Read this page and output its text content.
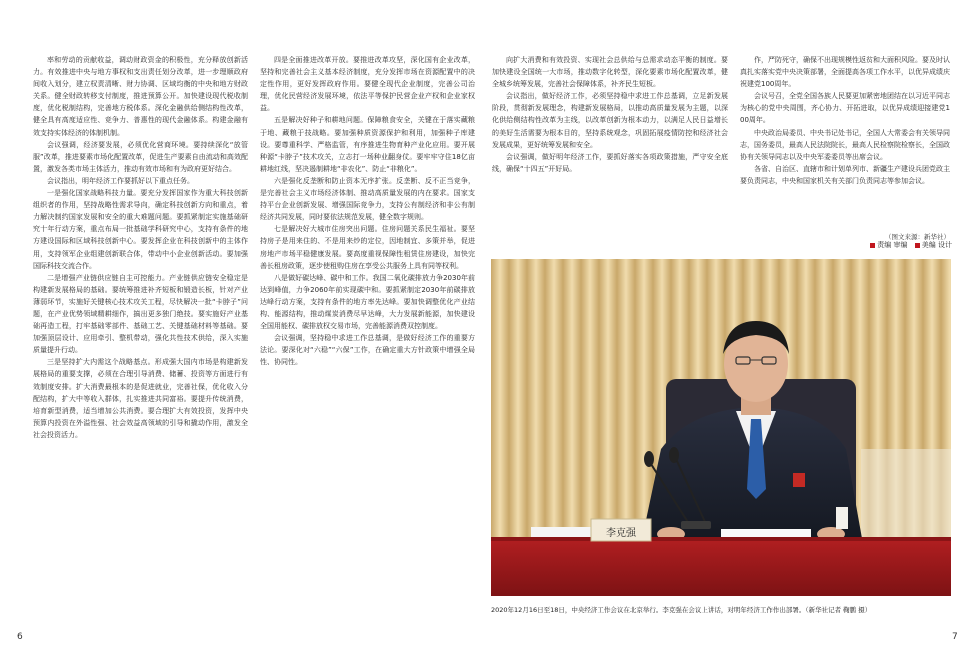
率和劳动的贡献收益，调动财政资金的积极性，充分释放创新活力。有效推进中央与地方事权和支出责任划分改革，进一步理顺政府间收入划分，建立权责清晰、财力协调、区域均衡的中央和地方财政关系。健全财政转移支付制度，推进预算公开。加快建设现代税收制度，优化税制结构，完善地方税体系。深化金融供给侧结构性改革，健全具有高度适应性、竞争力、普惠性的现代金融体系。构建金融有效支持实体经济的体制机制。

会议强调，经济要发展，必须优化营商环境。要持续深化“放管服”改革，推进要素市场化配置改革，促进生产要素自由流动和高效配置，激发各类市场主体活力，推动有效市场和有为政府更好结合。

会议指出，明年经济工作要抓好以下重点任务。

一是强化国家战略科技力量。要充分发挥国家作为重大科技创新组织者的作用，坚持战略性需求导向，确定科技创新方向和重点，着力解决制约国家发展和安全的重大难题问题。要抓紧制定实施基础研究十年行动方案，重点布局一批基础学科研究中心，支持有条件的地方建设国际和区域科技创新中心。要发挥企业在科技创新中的主体作用，支持领军企业组建创新联合体，带动中小企业创新活动。要加强国际科技交流合作。

二是增强产业链供应链自主可控能力。产业链供应链安全稳定是构建新发展格局的基础。要统筹推进补齐短板和锻造长板，针对产业薄弱环节，实施好关键核心技术攻关工程，尽快解决一批“卡脖子”问题，在产业优势领域精耕细作，搞出更多独门绝技。要实施好产业基础再造工程，打牢基础零部件、基础工艺、关键基础材料等基础。要加强顶层设计、应用牵引、整机带动，强化共性技术供给，深入实施质量提升行动。

三是坚持扩大内需这个战略基点。形成强大国内市场是构建新发展格局的重要支撑，必须在合理引导消费、储蓄、投资等方面进行有效制度安排。扩大消费最根本的是促进就业，完善社保，优化收入分配结构，扩大中等收入群体，扎实推进共同富裕。要提升传统消费，培育新型消费，适当增加公共消费。要合理扩大有效投资，发挥中央预算内投资在外溢性强、社会效益高领域的引导和撬动作用，激发全社会投资活力。

四是全面推进改革开放。要推进改革攻坚，深化国有企业改革，坚持和完善社会主义基本经济制度，充分发挥市场在资源配置中的决定性作用，更好发挥政府作用。要健全现代企业制度，完善公司治理，优化民营经济发展环境，依法平等保护民营企业产权和企业家权益。

五是解决好种子和耕地问题。保障粮食安全，关键在于落实藏粮于地、藏粮于技战略。要加强种质资源保护和利用，加强种子库建设。要尊重科学、严格监管，有序推进生物育种产业化应用。要开展种源“卡脖子”技术攻关，立志打一场种业翻身仗。要牢牢守住18亿亩耕地红线，坚决遏制耕地“非农化”、防止“非粮化”。

六是强化反垄断和防止资本无序扩张。反垄断、反不正当竞争，是完善社会主义市场经济体制、推动高质量发展的内在要求。国家支持平台企业创新发展、增强国际竞争力，支持公有制经济和非公有制经济共同发展，同时要依法规范发展，健全数字规则。

七是解决好大城市住房突出问题。住房问题关系民生福祉。要坚持房子是用来住的、不是用来炒的定位，因地制宜、多策并举，促进房地产市场平稳健康发展。要高度重视保障性租赁住房建设，加快完善长租房政策，逐步使租购住房在享受公共服务上具有同等权利。

八是做好碳达峰、碳中和工作。我国二氧化碳排放力争2030年前达到峰值，力争2060年前实现碳中和。要抓紧制定2030年前碳排放达峰行动方案，支持有条件的地方率先达峰。要加快调整优化产业结构、能源结构，推动煤炭消费尽早达峰，大力发展新能源，加快建设全国用能权、碳排放权交易市场，完善能源消费双控制度。

会议强调，坚持稳中求进工作总基调，是做好经济工作的重要方法论。要深化对“六稳”“六保”工作，在确定重大方针政策中增强全局性、协同性。

向扩大消费和有效投资、实现社会总供给与总需求动态平衡的制度。要加快建设全国统一大市场，推动数字化转型，深化要素市场化配置改革，健全城乡统筹发展，完善社会保障体系，补齐民生短板。

会议指出，做好经济工作，必须坚持稳中求进工作总基调，立足新发展阶段，贯彻新发展理念，构建新发展格局，以推动高质量发展为主题，以深化供给侧结构性改革为主线，以改革创新为根本动力，以满足人民日益增长的美好生活需要为根本目的，坚持系统观念，巩固拓展疫情防控和经济社会发展成果，更好统筹发展和安全。

会议强调，做好明年经济工作，要抓好落实各项政策措施，严守安全底线，确保“十四五”开好局。

作，严防死守，确保不出现规模性返贫和大面积风险。要及时认真扎实落实党中央决策部署，全面提高各项工作水平，以优异成绩庆祝建党100周年。

会议号召，全党全国各族人民要更加紧密地团结在以习近平同志为核心的党中央周围，齐心协力、开拓进取，以优异成绩迎接建党100周年。

中央政治局委员、中央书记处书记，全国人大常委会有关领导同志，国务委员，最高人民法院院长，最高人民检察院检察长，全国政协有关领导同志以及中央军委委员等出席会议。

各省、自治区、直辖市和计划单列市、新疆生产建设兵团党政主要负责同志，中央和国家机关有关部门负责同志等参加会议。

（图文来源：新华社）
责编 审编 美编 设计
李克强
2020年12月16日至18日，中央经济工作会议在北京举行。李克强在会议上讲话，对明年经济工作作出部署。（新华社记者 鞠鹏 摄）
6	7
